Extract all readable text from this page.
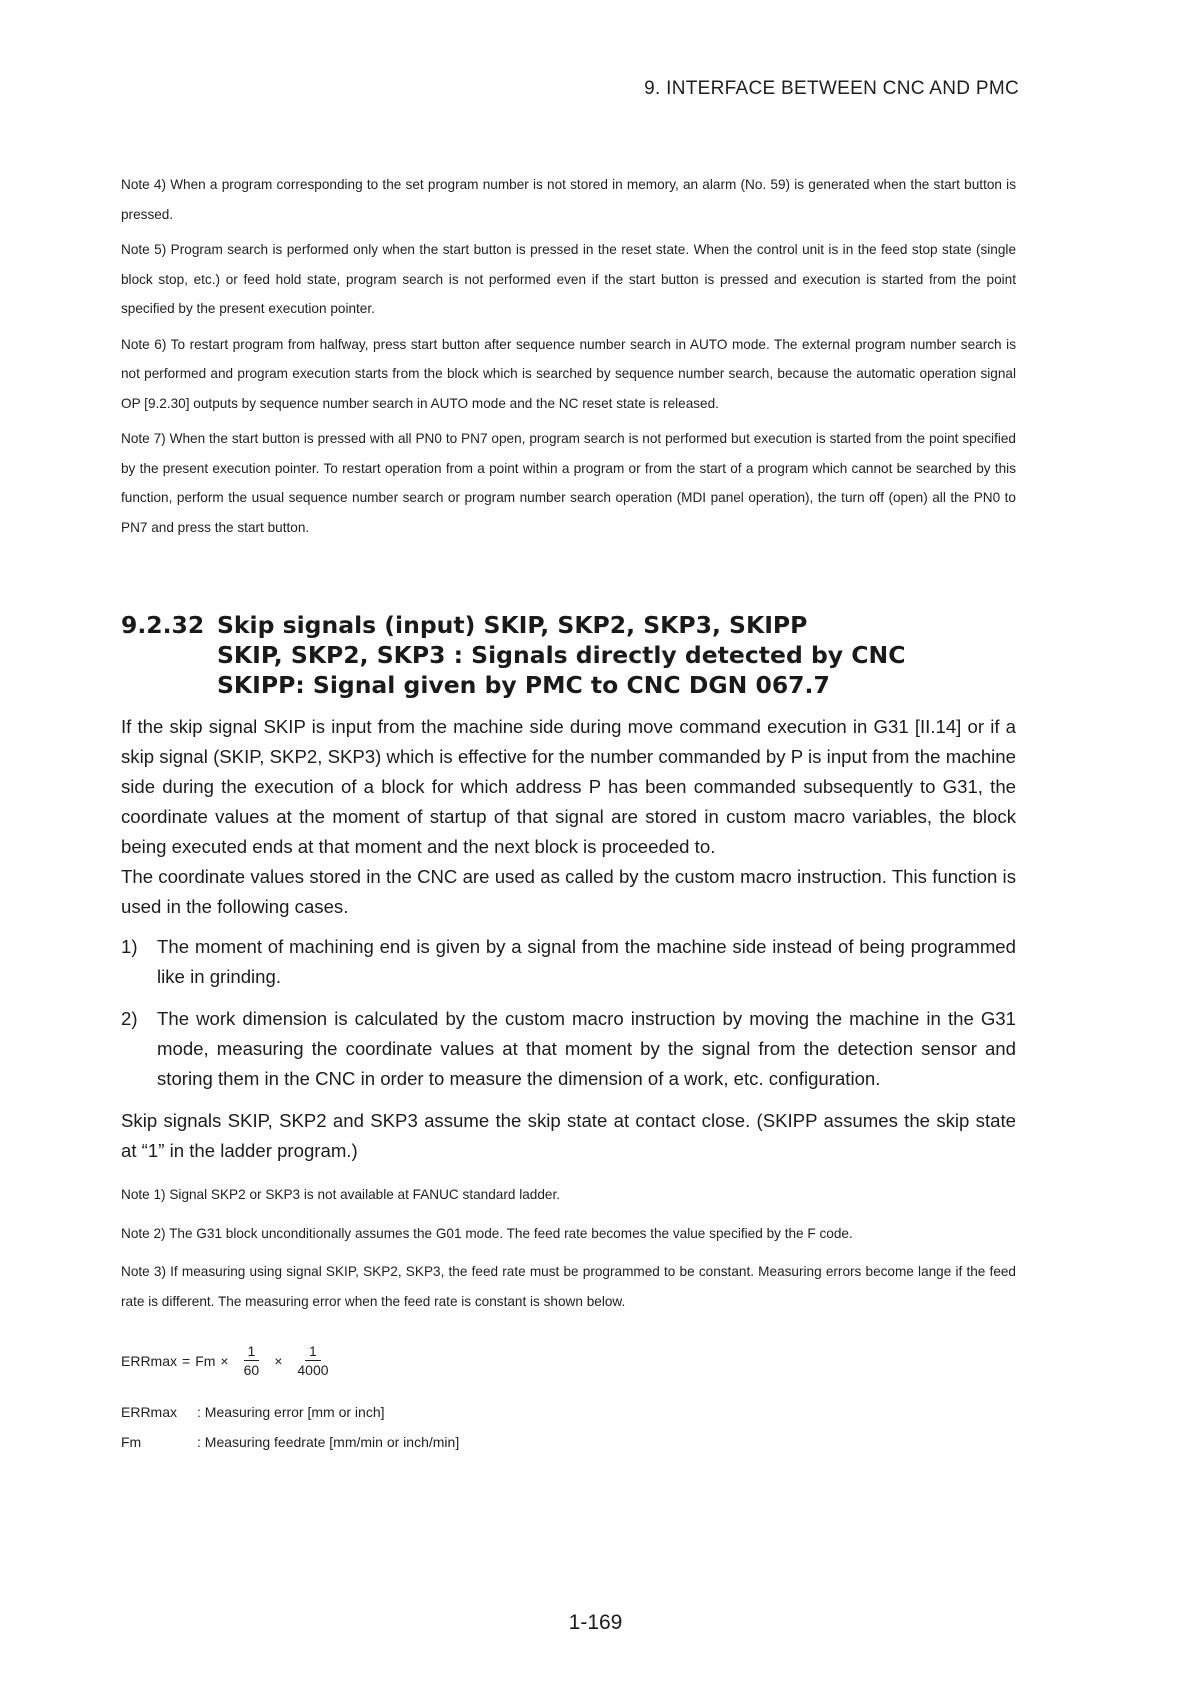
9. INTERFACE BETWEEN CNC AND PMC

Note 4) When a program corresponding to the set program number is not stored in memory, an alarm (No. 59) is generated when the start button is pressed.

Note 5) Program search is performed only when the start button is pressed in the reset state. When the control unit is in the feed stop state (single block stop, etc.) or feed hold state, program search is not performed even if the start button is pressed and execution is started from the point specified by the present execution pointer.

Note 6) To restart program from halfway, press start button after sequence number search in AUTO mode. The external program number search is not performed and program execution starts from the block which is searched by sequence number search, because the automatic operation signal OP [9.2.30] outputs by sequence number search in AUTO mode and the NC reset state is released.

Note 7) When the start button is pressed with all PN0 to PN7 open, program search is not performed but execution is started from the point specified by the present execution pointer. To restart operation from a point within a program or from the start of a program which cannot be searched by this function, perform the usual sequence number search or program number search operation (MDI panel operation), the turn off (open) all the PN0 to PN7 and press the start button.

9.2.32 Skip signals (input) SKIP, SKP2, SKP3, SKIPP
SKIP, SKP2, SKP3 : Signals directly detected by CNC
SKIPP: Signal given by PMC to CNC DGN 067.7

If the skip signal SKIP is input from the machine side during move command execution in G31 [II.14] or if a skip signal (SKIP, SKP2, SKP3) which is effective for the number commanded by P is input from the machine side during the execution of a block for which address P has been commanded subsequently to G31, the coordinate values at the moment of startup of that signal are stored in custom macro variables, the block being executed ends at that moment and the next block is proceeded to.

The coordinate values stored in the CNC are used as called by the custom macro instruction. This function is used in the following cases.

1) The moment of machining end is given by a signal from the machine side instead of being programmed like in grinding.
2) The work dimension is calculated by the custom macro instruction by moving the machine in the G31 mode, measuring the coordinate values at that moment by the signal from the detection sensor and storing them in the CNC in order to measure the dimension of a work, etc. configuration.

Skip signals SKIP, SKP2 and SKP3 assume the skip state at contact close. (SKIPP assumes the skip state at “1” in the ladder program.)

Note 1) Signal SKP2 or SKP3 is not available at FANUC standard ladder.

Note 2) The G31 block unconditionally assumes the G01 mode. The feed rate becomes the value specified by the F code.

Note 3) If measuring using signal SKIP, SKP2, SKP3, the feed rate must be programmed to be constant. Measuring errors become lange if the feed rate is different. The measuring error when the feed rate is constant is shown below.

$ERRmax = Fm \times \frac{1}{60} \times \frac{1}{4000}$
ERRmax	: Measuring error [mm or inch]
Fm	: Measuring feedrate [mm/min or inch/min]
1-169
